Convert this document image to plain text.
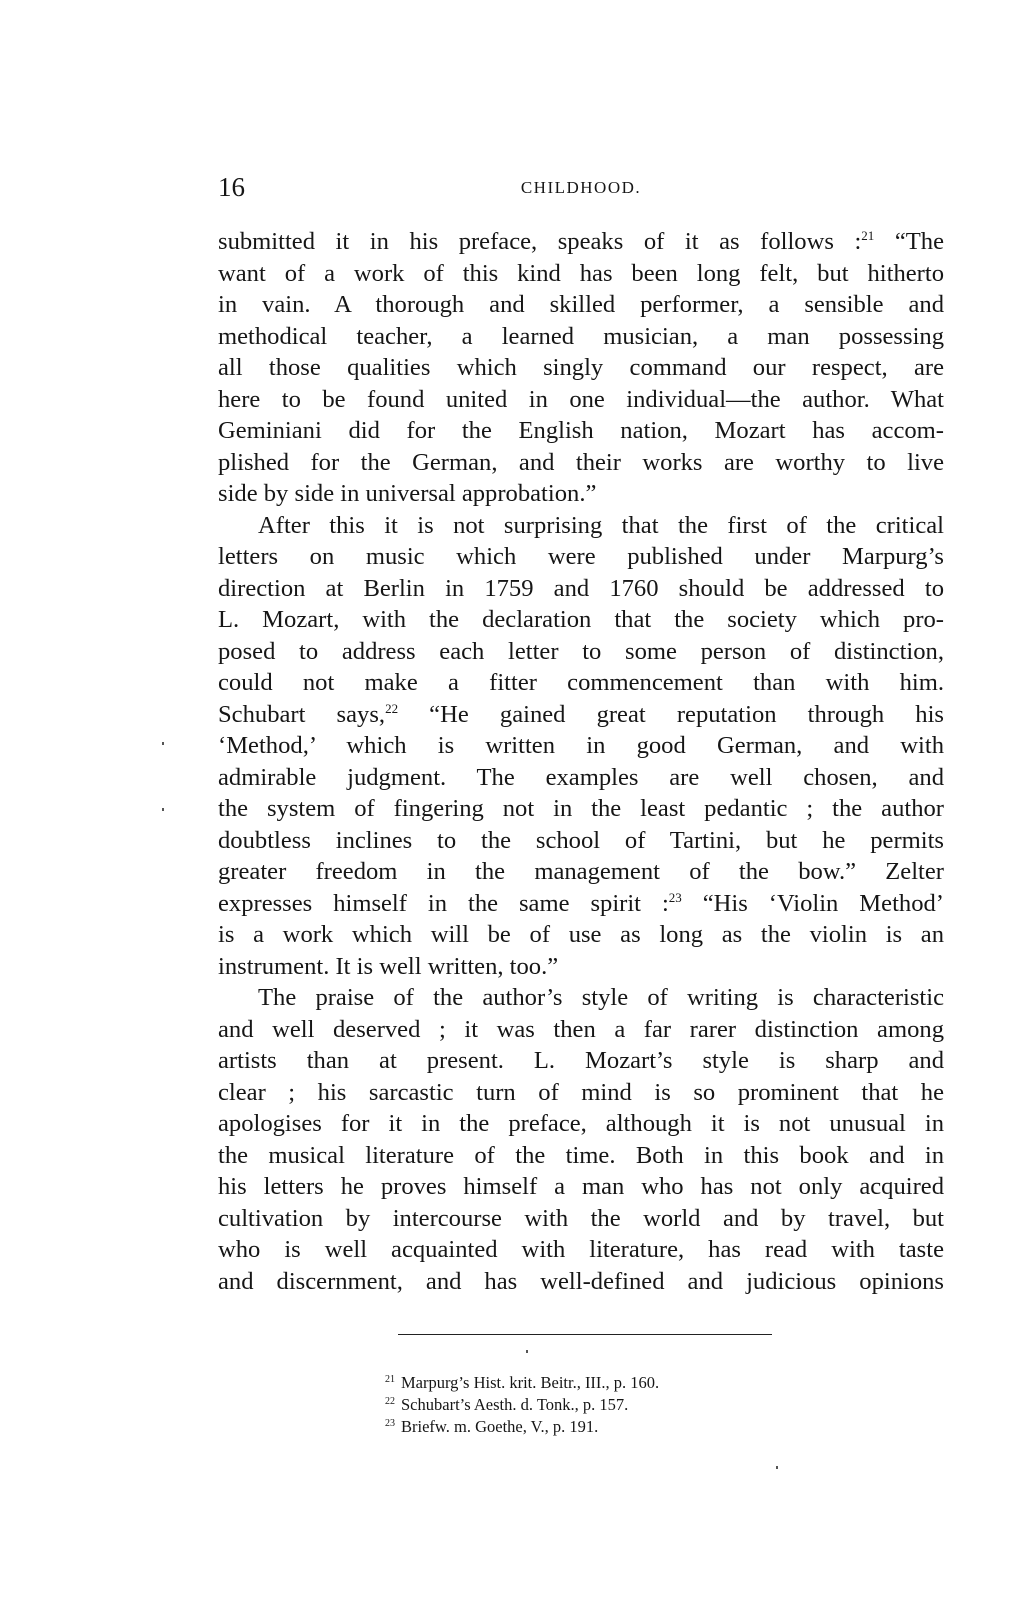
16	CHILDHOOD.
submitted it in his preface, speaks of it as follows :$^{21}$ “The
want of a work of this kind has been long felt, but hitherto
in vain. A thorough and skilled performer, a sensible and
methodical teacher, a learned musician, a man possessing
all those qualities which singly command our respect, are
here to be found united in one individual—the author. What
Geminiani did for the English nation, Mozart has accom-
plished for the German, and their works are worthy to live
side by side in universal approbation.”
After this it is not surprising that the first of the critical
letters on music which were published under Marpurg’s
direction at Berlin in 1759 and 1760 should be addressed to
L. Mozart, with the declaration that the society which pro-
posed to address each letter to some person of distinction,
could not make a fitter commencement than with him.
Schubart says,$^{22}$ “He gained great reputation through his
‘Method,’ which is written in good German, and with
admirable judgment. The examples are well chosen, and
the system of fingering not in the least pedantic ; the author
doubtless inclines to the school of Tartini, but he permits
greater freedom in the management of the bow.” Zelter
expresses himself in the same spirit :$^{23}$ “His ‘Violin Method’
is a work which will be of use as long as the violin is an
instrument. It is well written, too.”
The praise of the author’s style of writing is characteristic
and well deserved ; it was then a far rarer distinction among
artists than at present. L. Mozart’s style is sharp and
clear ; his sarcastic turn of mind is so prominent that he
apologises for it in the preface, although it is not unusual in
the musical literature of the time. Both in this book and in
his letters he proves himself a man who has not only acquired
cultivation by intercourse with the world and by travel, but
who is well acquainted with literature, has read with taste
and discernment, and has well-defined and judicious opinions
$^{21}$ Marpurg’s Hist. krit. Beitr., III., p. 160.
$^{22}$ Schubart’s Aesth. d. Tonk., p. 157.
$^{23}$ Briefw. m. Goethe, V., p. 191.
